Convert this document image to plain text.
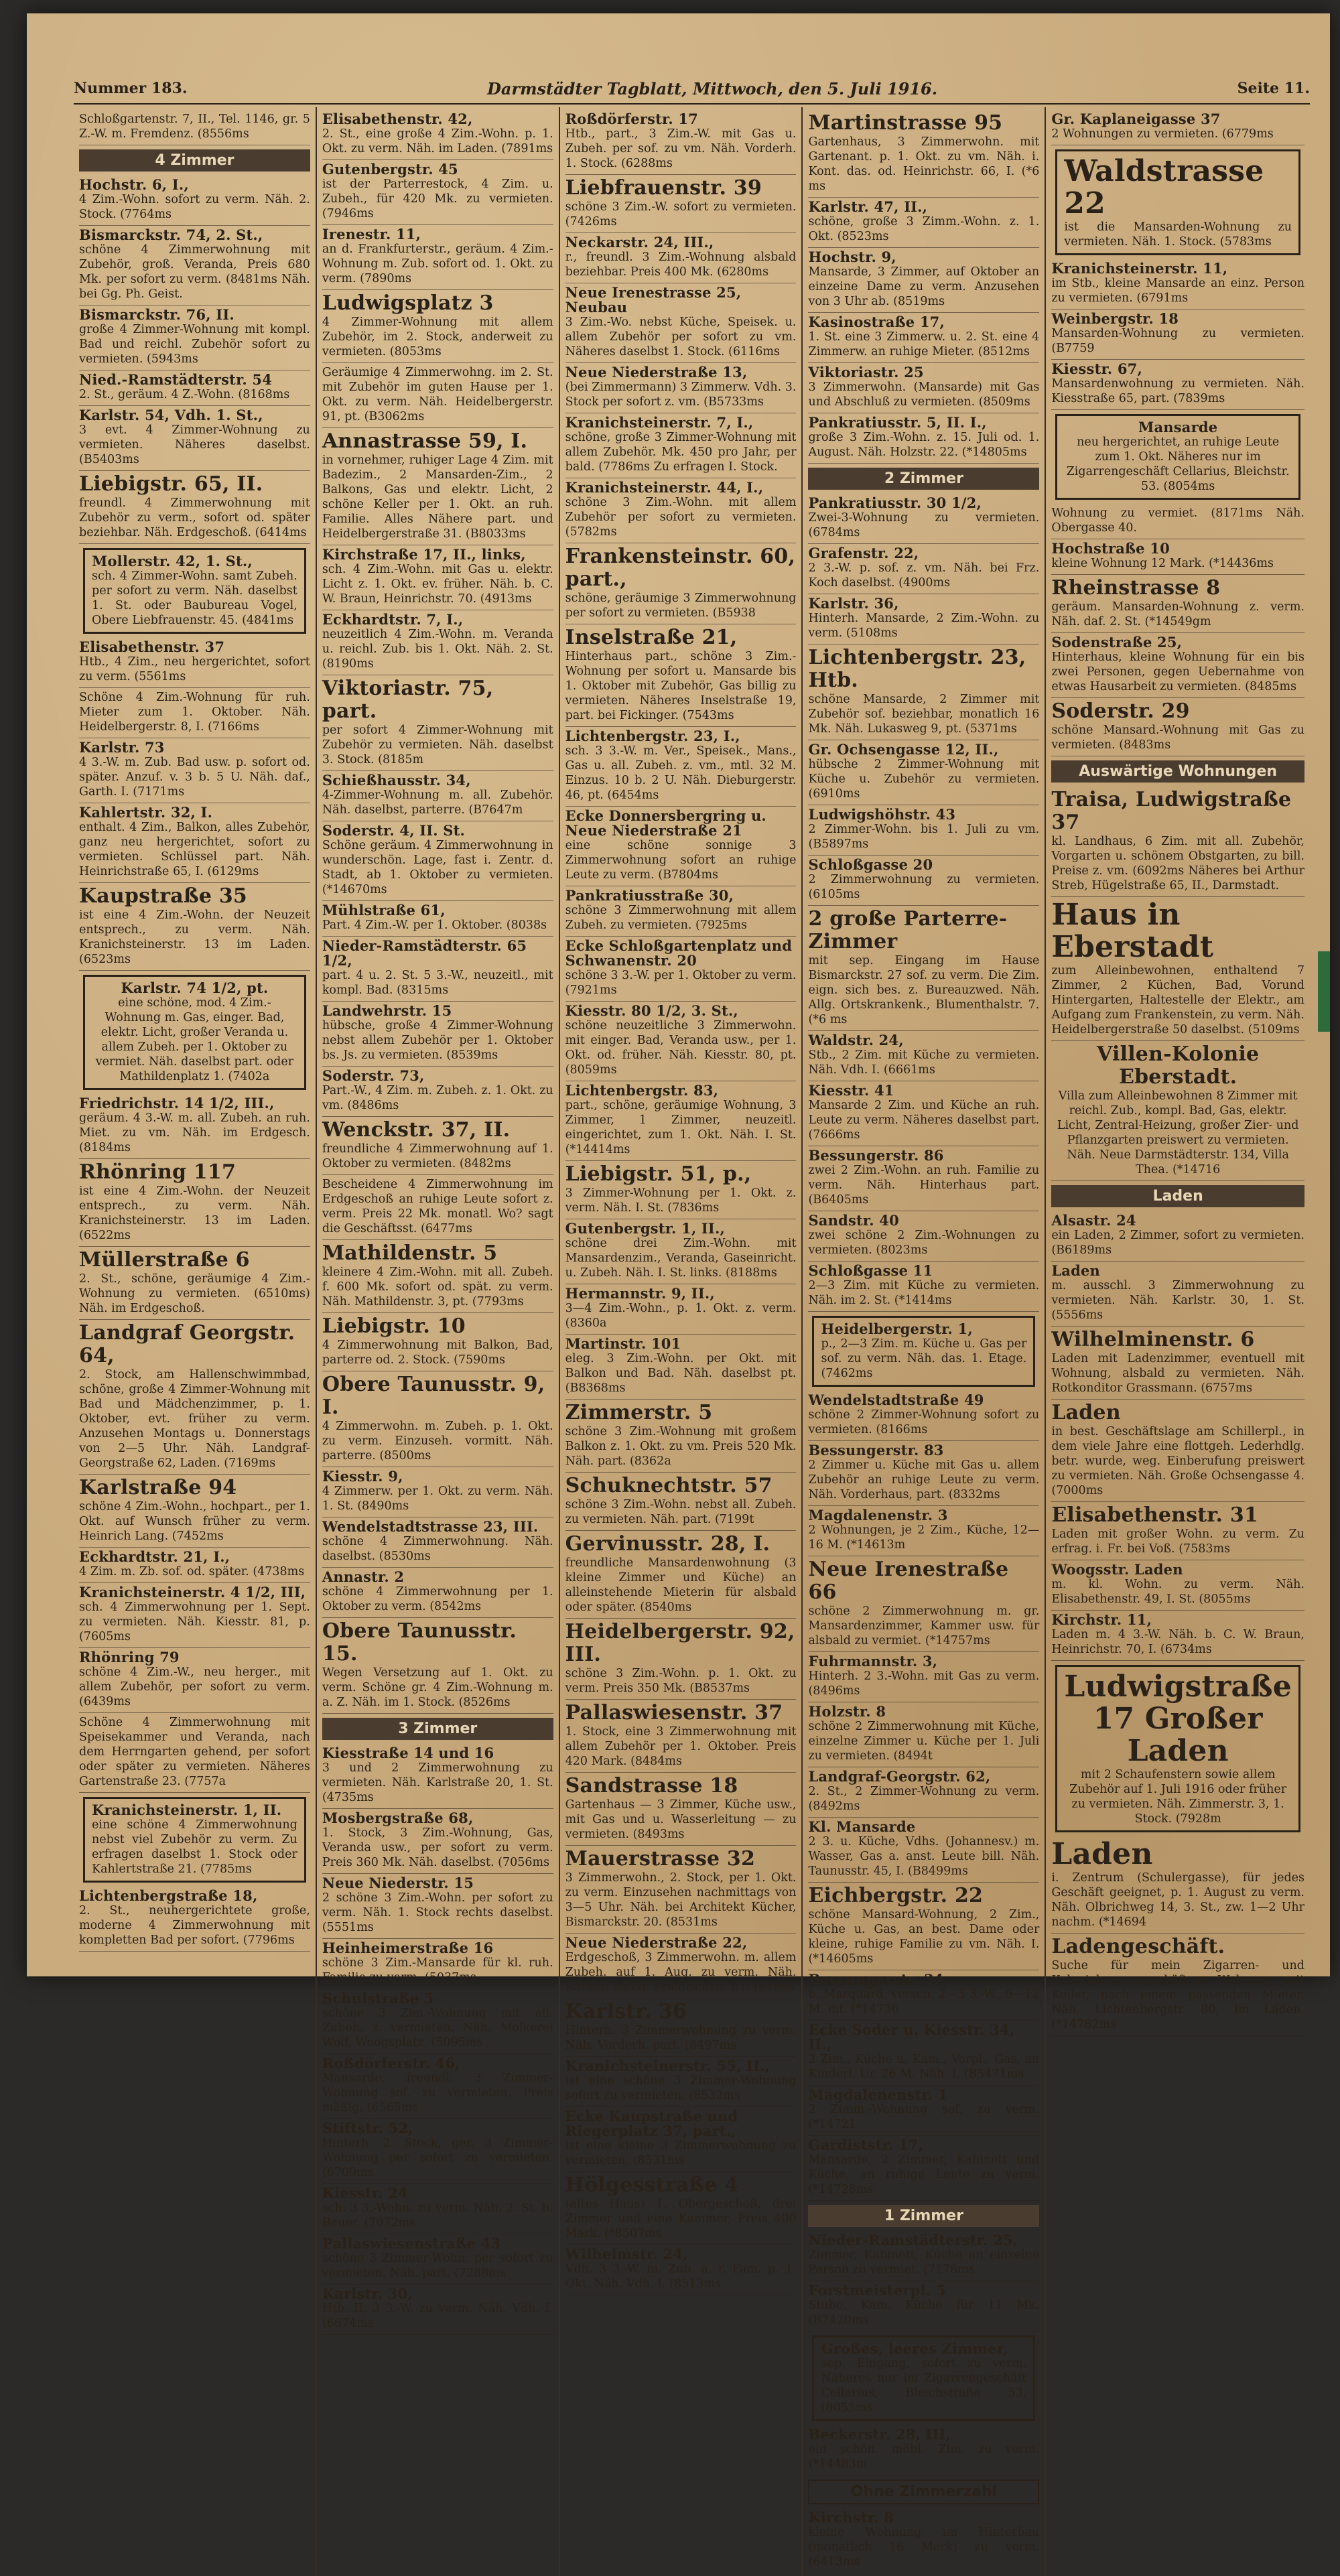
Nummer 183.	Darmstädter Tagblatt, Mittwoch, den 5. Juli 1916.	Seite 11.
Schloßgartenstr. 7, II., Tel. 1146, gr. 5 Z.-W. m. Fremdenz. (8556ms
4 Zimmer
Hochstr. 6, I.,
4 Zim.-Wohn. sofort zu verm. Näh. 2. Stock. (7764ms
Bismarckstr. 74, 2. St.,
schöne 4 Zimmerwohnung mit Zubehör, groß. Veranda, Preis 680 Mk. per sofort zu verm. (8481ms Näh. bei Gg. Ph. Geist.
Bismarckstr. 76, II.
große 4 Zimmer-Wohnung mit kompl. Bad und reichl. Zubehör sofort zu vermieten. (5943ms
Nied.-Ramstädterstr. 54
2. St., geräum. 4 Z.-Wohn. (8168ms
Karlstr. 54, Vdh. 1. St.,
3 evt. 4 Zimmer-Wohnung zu vermieten. Näheres daselbst. (B5403ms
Liebigstr. 65, II.
freundl. 4 Zimmerwohnung mit Zubehör zu verm., sofort od. später beziehbar. Näh. Erdgeschoß. (6414ms
Mollerstr. 42, 1. St.,
sch. 4 Zimmer-Wohn. samt Zubeh. per sofort zu verm. Näh. daselbst 1. St. oder Baubureau Vogel, Obere Liebfrauenstr. 45. (4841ms
Elisabethenstr. 37
Htb., 4 Zim., neu hergerichtet, sofort zu verm. (5561ms
Schöne 4 Zim.-Wohnung für ruh. Mieter zum 1. Oktober. Näh. Heidelbergerstr. 8, I. (7166ms
Karlstr. 73
4 3.-W. m. Zub. Bad usw. p. sofort od. später. Anzuf. v. 3 b. 5 U. Näh. daf., Garth. I. (7171ms
Kahlertstr. 32, I.
enthalt. 4 Zim., Balkon, alles Zubehör, ganz neu hergerichtet, sofort zu vermieten. Schlüssel part. Näh. Heinrichstraße 65, I. (6129ms
Kaupstraße 35
ist eine 4 Zim.-Wohn. der Neuzeit entsprech., zu verm. Näh. Kranichsteinerstr. 13 im Laden. (6523ms
Karlstr. 74 1/2, pt.
eine schöne, mod. 4 Zim.-Wohnung m. Gas, einger. Bad, elektr. Licht, großer Veranda u. allem Zubeh. per 1. Oktober zu vermiet. Näh. daselbst part. oder Mathildenplatz 1. (7402a
Friedrichstr. 14 1/2, III.,
geräum. 4 3.-W. m. all. Zubeh. an ruh. Miet. zu vm. Näh. im Erdgesch. (8184ms
Rhönring 117
ist eine 4 Zim.-Wohn. der Neuzeit entsprech., zu verm. Näh. Kranichsteinerstr. 13 im Laden. (6522ms
Müllerstraße 6
2. St., schöne, geräumige 4 Zim.-Wohnung zu vermieten. (6510ms) Näh. im Erdgeschoß.
Landgraf Georgstr. 64,
2. Stock, am Hallenschwimmbad, schöne, große 4 Zimmer-Wohnung mit Bad und Mädchenzimmer, p. 1. Oktober, evt. früher zu verm. Anzusehen Montags u. Donnerstags von 2—5 Uhr. Näh. Landgraf-Georgstraße 62, Laden. (7169ms
Karlstraße 94
schöne 4 Zim.-Wohn., hochpart., per 1. Okt. auf Wunsch früher zu verm. Heinrich Lang. (7452ms
Eckhardtstr. 21, I.,
4 Zim. m. Zb. sof. od. später. (4738ms
Kranichsteinerstr. 4 1/2, III,
sch. 4 Zimmerwohnung per 1. Sept. zu vermieten. Näh. Kiesstr. 81, p. (7605ms
Rhönring 79
schöne 4 Zim.-W., neu herger., mit allem Zubehör, per sofort zu verm. (6439ms
Schöne 4 Zimmerwohnung mit Speisekammer und Veranda, nach dem Herrngarten gehend, per sofort oder später zu vermieten. Näheres Gartenstraße 23. (7757a
Kranichsteinerstr. 1, II.
eine schöne 4 Zimmerwohnung nebst viel Zubehör zu verm. Zu erfragen daselbst 1. Stock oder Kahlertstraße 21. (7785ms
Lichtenbergstraße 18,
2. St., neuhergerichtete große, moderne 4 Zimmerwohnung mit kompletten Bad per sofort. (7796ms
Elisabethenstr. 42,
2. St., eine große 4 Zim.-Wohn. p. 1. Okt. zu verm. Näh. im Laden. (7891ms
Gutenbergstr. 45
ist der Parterrestock, 4 Zim. u. Zubeh., für 420 Mk. zu vermieten. (7946ms
Irenestr. 11,
an d. Frankfurterstr., geräum. 4 Zim.-Wohnung m. Zub. sofort od. 1. Okt. zu verm. (7890ms
Ludwigsplatz 3
4 Zimmer-Wohnung mit allem Zubehör, im 2. Stock, anderweit zu vermieten. (8053ms
Geräumige 4 Zimmerwohng. im 2. St. mit Zubehör im guten Hause per 1. Okt. zu verm. Näh. Heidelbergerstr. 91, pt. (B3062ms
Annastrasse 59, I.
in vornehmer, ruhiger Lage 4 Zim. mit Badezim., 2 Mansarden-Zim., 2 Balkons, Gas und elektr. Licht, 2 schöne Keller per 1. Okt. an ruh. Familie. Alles Nähere part. und Heidelbergerstraße 31. (B8033ms
Kirchstraße 17, II., links,
sch. 4 Zim.-Wohn. mit Gas u. elektr. Licht z. 1. Okt. ev. früher. Näh. b. C. W. Braun, Heinrichstr. 70. (4913ms
Eckhardtstr. 7, I.,
neuzeitlich 4 Zim.-Wohn. m. Veranda u. reichl. Zub. bis 1. Okt. Näh. 2. St. (8190ms
Viktoriastr. 75, part.
per sofort 4 Zimmer-Wohnung mit Zubehör zu vermieten. Näh. daselbst 3. Stock. (8185m
Schießhausstr. 34,
4-Zimmer-Wohnung m. all. Zubehör. Näh. daselbst, parterre. (B7647m
Soderstr. 4, II. St.
Schöne geräum. 4 Zimmerwohnung in wunderschön. Lage, fast i. Zentr. d. Stadt, ab 1. Oktober zu vermieten. (*14670ms
Mühlstraße 61,
Part. 4 Zim.-W. per 1. Oktober. (8038s
Nieder-Ramstädterstr. 65 1/2,
part. 4 u. 2. St. 5 3.-W., neuzeitl., mit kompl. Bad. (8315ms
Landwehrstr. 15
hübsche, große 4 Zimmer-Wohnung nebst allem Zubehör per 1. Oktober bs. Js. zu vermieten. (8539ms
Soderstr. 73,
Part.-W., 4 Zim. m. Zubeh. z. 1. Okt. zu vm. (8486ms
Wenckstr. 37, II.
freundliche 4 Zimmerwohnung auf 1. Oktober zu vermieten. (8482ms
Bescheidene 4 Zimmerwohnung im Erdgeschoß an ruhige Leute sofort z. verm. Preis 22 Mk. monatl. Wo? sagt die Geschäftsst. (6477ms
Mathildenstr. 5
kleinere 4 Zim.-Wohn. mit all. Zubeh. f. 600 Mk. sofort od. spät. zu verm. Näh. Mathildenstr. 3, pt. (7793ms
Liebigstr. 10
4 Zimmerwohnung mit Balkon, Bad, parterre od. 2. Stock. (7590ms
Obere Taunusstr. 9, I.
4 Zimmerwohn. m. Zubeh. p. 1. Okt. zu verm. Einzuseh. vormitt. Näh. parterre. (8500ms
Kiesstr. 9,
4 Zimmerw. per 1. Okt. zu verm. Näh. 1. St. (8490ms
Wendelstadtstrasse 23, III.
schöne 4 Zimmerwohnung. Näh. daselbst. (8530ms
Annastr. 2
schöne 4 Zimmerwohnung per 1. Oktober zu verm. (8542ms
Obere Taunusstr. 15.
Wegen Versetzung auf 1. Okt. zu verm. Schöne gr. 4 Zim.-Wohnung m. a. Z. Näh. im 1. Stock. (8526ms
3 Zimmer
Kiesstraße 14 und 16
3 und 2 Zimmerwohnung zu vermieten. Näh. Karlstraße 20, 1. St. (4735ms
Mosbergstraße 68,
1. Stock, 3 Zim.-Wohnung, Gas, Veranda usw., per sofort zu verm. Preis 360 Mk. Näh. daselbst. (7056ms
Neue Niederstr. 15
2 schöne 3 Zim.-Wohn. per sofort zu verm. Näh. 1. Stock rechts daselbst. (5551ms
Heinheimerstraße 16
schöne 3 Zim.-Mansarde für kl. ruh. Familie zu verm. (5037ms
Schulstraße 5
schöne 3 Zim.-Wohnung mit all. Zubeh. z. vermieten. Näh. Molkerei Wolf, Woogsplatz. (5095ms
Roßdörferstr. 46,
Mansarde, freundl. 3 Zimmer-Wohnung sof. zu vermieten, Preis mäßig. (6565ms
Stiftstr. 52,
Hinterh. 2. Stock, ger. 3 Zimmer-Wohnung per sofort zu vermieten. (6709ms
Kiesstr. 24
sch. 3 3.-Wohn. zu verm. Näh. 2. St. b. Bauer. (7072ms
Pallaswiesenstraße 43
schöne 3 Zimmer-Wohn. per sofort zu vermieten. Näh. part. (7288ms
Karlstr. 30,
Htb. II, 3 3.-W. zu verm. Näh. Vdh. I. (6674ms
Roßdörferstr. 17
Htb., part., 3 Zim.-W. mit Gas u. Zubeh. per sof. zu vm. Näh. Vorderh. 1. Stock. (6288ms
Liebfrauenstr. 39
schöne 3 Zim.-W. sofort zu vermieten. (7426ms
Neckarstr. 24, III.,
r., freundl. 3 Zim.-Wohnung alsbald beziehbar. Preis 400 Mk. (6280ms
Neue Irenestrasse 25, Neubau
3 Zim.-Wo. nebst Küche, Speisek. u. allem Zubehör per sofort zu vm. Näheres daselbst 1. Stock. (6116ms
Neue Niederstraße 13,
(bei Zimmermann) 3 Zimmerw. Vdh. 3. Stock per sofort z. vm. (B5733ms
Kranichsteinerstr. 7, I.,
schöne, große 3 Zimmer-Wohnung mit allem Zubehör. Mk. 450 pro Jahr, per bald. (7786ms Zu erfragen I. Stock.
Kranichsteinerstr. 44, I.,
schöne 3 Zim.-Wohn. mit allem Zubehör per sofort zu vermieten. (5782ms
Frankensteinstr. 60, part.,
schöne, geräumige 3 Zimmerwohnung per sofort zu vermieten. (B5938
Inselstraße 21,
Hinterhaus part., schöne 3 Zim.-Wohnung per sofort u. Mansarde bis 1. Oktober mit Zubehör, Gas billig zu vermieten. Näheres Inselstraße 19, part. bei Fickinger. (7543ms
Lichtenbergstr. 23, I.,
sch. 3 3.-W. m. Ver., Speisek., Mans., Gas u. all. Zubeh. z. vm., mtl. 32 M. Einzus. 10 b. 2 U. Näh. Dieburgerstr. 46, pt. (6454ms
Ecke Donnersbergring u. Neue Niederstraße 21
eine schöne sonnige 3 Zimmerwohnung sofort an ruhige Leute zu verm. (B7804ms
Pankratiusstraße 30,
schöne 3 Zimmerwohnung mit allem Zubeh. zu vermieten. (7925ms
Ecke Schloßgartenplatz und Schwanenstr. 20
schöne 3 3.-W. per 1. Oktober zu verm. (7921ms
Kiesstr. 80 1/2, 3. St.,
schöne neuzeitliche 3 Zimmerwohn. mit einger. Bad, Veranda usw., per 1. Okt. od. früher. Näh. Kiesstr. 80, pt. (8059ms
Lichtenbergstr. 83,
part., schöne, geräumige Wohnung, 3 Zimmer, 1 Zimmer, neuzeitl. eingerichtet, zum 1. Okt. Näh. I. St. (*14414ms
Liebigstr. 51, p.,
3 Zimmer-Wohnung per 1. Okt. z. verm. Näh. I. St. (7836ms
Gutenbergstr. 1, II.,
schöne drei Zim.-Wohn. mit Mansardenzim., Veranda, Gaseinricht. u. Zubeh. Näh. I. St. links. (8188ms
Hermannstr. 9, II.,
3—4 Zim.-Wohn., p. 1. Okt. z. verm. (8360a
Martinstr. 101
eleg. 3 Zim.-Wohn. per Okt. mit Balkon und Bad. Näh. daselbst pt. (B8368ms
Zimmerstr. 5
schöne 3 Zim.-Wohnung mit großem Balkon z. 1. Okt. zu vm. Preis 520 Mk. Näh. part. (8362a
Schuknechtstr. 57
schöne 3 Zim.-Wohn. nebst all. Zubeh. zu vermieten. Näh. part. (7199t
Gervinusstr. 28, I.
freundliche Mansardenwohnung (3 kleine Zimmer und Küche) an alleinstehende Mieterin für alsbald oder später. (8540ms
Heidelbergerstr. 92, III.
schöne 3 Zim.-Wohn. p. 1. Okt. zu verm. Preis 350 Mk. (B8537ms
Pallaswiesenstr. 37
1. Stock, eine 3 Zimmerwohnung mit allem Zubehör per 1. Oktober. Preis 420 Mark. (8484ms
Sandstrasse 18
Gartenhaus — 3 Zimmer, Küche usw., mit Gas und u. Wasserleitung — zu vermieten. (8493ms
Mauerstrasse 32
3 Zimmerwohn., 2. Stock, per 1. Okt. zu verm. Einzusehen nachmittags von 3—5 Uhr. Näh. bei Architekt Kücher, Bismarckstr. 20. (8531ms
Neue Niederstraße 22,
Erdgeschoß, 3 Zimmerwohn. m. allem Zubeh. auf 1. Aug. zu verm. Näh. Karlstr. 25 od. Friedrichstr. 87. (8489s
Karlstr. 36
Hinterh. 3 Zimmerwohnung zu verm. Näh. Vorderh. part. (8497ms
Kranichsteinerstr. 55, II.,
ist eine schöne 3 Zimmer-Wohnung sofort zu vermieten. (8532ms
Ecke Kaupstraße und Riegerplatz 37, part.,
ist eine kleine 3 Zimmerwohnung zu vermieten. (8531ms
Hölgesstraße 4
(altes Haus) 1. Obergeschoß, drei Zimmer und eine Kammer, Preis 400 Mark. (*8507ms
Wilhelmstr. 24,
Vdh. 3 3.-W. m. Zub. a. r. Fam. p. 1. Okt. Näh. Vdh. I. (8513ms
Martinstrasse 95
Gartenhaus, 3 Zimmerwohn. mit Gartenant. p. 1. Okt. zu vm. Näh. i. Kont. das. od. Heinrichstr. 66, I. (*6 ms
Karlstr. 47, II.,
schöne, große 3 Zimm.-Wohn. z. 1. Okt. (8523ms
Hochstr. 9,
Mansarde, 3 Zimmer, auf Oktober an einzeine Dame zu verm. Anzusehen von 3 Uhr ab. (8519ms
Kasinostraße 17,
1. St. eine 3 Zimmerw. u. 2. St. eine 4 Zimmerw. an ruhige Mieter. (8512ms
Viktoriastr. 25
3 Zimmerwohn. (Mansarde) mit Gas und Abschluß zu vermieten. (8509ms
Pankratiusstr. 5, II. I.,
große 3 Zim.-Wohn. z. 15. Juli od. 1. August. Näh. Holzstr. 22. (*14805ms
2 Zimmer
Pankratiusstr. 30 1/2,
Zwei-3-Wohnung zu vermieten. (6784ms
Grafenstr. 22,
2 3.-W. p. sof. z. vm. Näh. bei Frz. Koch daselbst. (4900ms
Karlstr. 36,
Hinterh. Mansarde, 2 Zim.-Wohn. zu verm. (5108ms
Lichtenbergstr. 23, Htb.
schöne Mansarde, 2 Zimmer mit Zubehör sof. beziehbar, monatlich 16 Mk. Näh. Lukasweg 9, pt. (5371ms
Gr. Ochsengasse 12, II.,
hübsche 2 Zimmer-Wohnung mit Küche u. Zubehör zu vermieten. (6910ms
Ludwigshöhstr. 43
2 Zimmer-Wohn. bis 1. Juli zu vm. (B5897ms
Schloßgasse 20
2 Zimmerwohnung zu vermieten. (6105ms
2 große Parterre-Zimmer
mit sep. Eingang im Hause Bismarckstr. 27 sof. zu verm. Die Zim. eign. sich bes. z. Bureauzwed. Näh. Allg. Ortskrankenk., Blumenthalstr. 7. (*6 ms
Waldstr. 24,
Stb., 2 Zim. mit Küche zu vermieten. Näh. Vdh. I. (6661ms
Kiesstr. 41
Mansarde 2 Zim. und Küche an ruh. Leute zu verm. Näheres daselbst part. (7666ms
Bessungerstr. 86
zwei 2 Zim.-Wohn. an ruh. Familie zu verm. Näh. Hinterhaus part. (B6405ms
Sandstr. 40
zwei schöne 2 Zim.-Wohnungen zu vermieten. (8023ms
Schloßgasse 11
2—3 Zim. mit Küche zu vermieten. Näh. im 2. St. (*1414ms
Heidelbergerstr. 1,
p., 2—3 Zim. m. Küche u. Gas per sof. zu verm. Näh. das. 1. Etage. (7462ms
Wendelstadtstraße 49
schöne 2 Zimmer-Wohnung sofort zu vermieten. (8166ms
Bessungerstr. 83
2 Zimmer u. Küche mit Gas u. allem Zubehör an ruhige Leute zu verm. Näh. Vorderhaus, part. (8332ms
Magdalenenstr. 3
2 Wohnungen, je 2 Zim., Küche, 12—16 M. (*14613m
Neue Irenestraße 66
schöne 2 Zimmerwohnung m. gr. Mansardenzimmer, Kammer usw. für alsbald zu vermiet. (*14757ms
Fuhrmannstr. 3,
Hinterh. 2 3.-Wohn. mit Gas zu verm. (8496ms
Holzstr. 8
schöne 2 Zimmerwohnung mit Küche, einzelne Zimmer u. Küche per 1. Juli zu vermieten. (8494t
Landgraf-Georgstr. 62,
2. St., 2 Zimmer-Wohnung zu verm. (8492ms
Kl. Mansarde
2 3. u. Küche, Vdhs. (Johannesv.) m. Wasser, Gas a. anst. Leute bill. Näh. Taunusstr. 45, I. (B8499ms
Eichbergstr. 22
schöne Mansard-Wohnung, 2 Zim., Küche u. Gas, an best. Dame oder kleine, ruhige Familie zu vm. Näh. I. (*14605ms
Bessungerstr. 34,
b. Marquard, versch. 2—3 3.-W., 9—12 M. mt. (*14736
Ecke Soder u. Kiesstr. 34, II.,
2 Zim., Küche u. Kam., Vorpl., Gas, an Kinderl. Ur. 26 M. Näh. I. (B5471ms
Magdalenenstr. 1
2 Zimm.-Wohnung sof. zu verm. (*14721
Gardiststr. 17,
Mansarde, 2 Zimmer, Kabinett und Küche, an ruhige Leute zu verm. (*14728ms
1 Zimmer
Nieder-Ramstädterstr. 25,
Zimmer, Kabinett, Küche an einzelne Person zu vermiet. (7178ms
Forstmeisterpl. 5
Stube, Kam. Küche für 11 Mk. (B7420ms
Großes, leeres Zimmer,
sep. Eingang, sofort zu verm. Näheres nur im Zigarrengeschäft Cellarius, Bleichstraße 53. (8055ms
Beckerstr. 28, III,
ein schön. möbl. Zim. zu verm. (*14483m
Ohne Zimmerzahl
Kirchstr. 8
kleine Wohnung im Hinterbau (monatlich 16 Mark) zu verm. (6413ms
Gr. Kaplaneigasse 37
2 Wohnungen zu vermieten. (6779ms
Waldstrasse 22
ist die Mansarden-Wohnung zu vermieten. Näh. 1. Stock. (5783ms
Kranichsteinerstr. 11,
im Stb., kleine Mansarde an einz. Person zu vermieten. (6791ms
Weinbergstr. 18
Mansarden-Wohnung zu vermieten. (B7759
Kiesstr. 67,
Mansardenwohnung zu vermieten. Näh. Kiesstraße 65, part. (7839ms
Mansarde
neu hergerichtet, an ruhige Leute zum 1. Okt. Näheres nur im Zigarrengeschäft Cellarius, Bleichstr. 53. (8054ms
Wohnung zu vermiet. (8171ms Näh. Obergasse 40.
Hochstraße 10
kleine Wohnung 12 Mark. (*14436ms
Rheinstrasse 8
geräum. Mansarden-Wohnung z. verm. Näh. daf. 2. St. (*14549gm
Sodenstraße 25,
Hinterhaus, kleine Wohnung für ein bis zwei Personen, gegen Uebernahme von etwas Hausarbeit zu vermieten. (8485ms
Soderstr. 29
schöne Mansard.-Wohnung mit Gas zu vermieten. (8483ms
Auswärtige Wohnungen
Traisa, Ludwigstraße 37
kl. Landhaus, 6 Zim. mit all. Zubehör, Vorgarten u. schönem Obstgarten, zu bill. Preise z. vm. (6092ms Näheres bei Arthur Streb, Hügelstraße 65, II., Darmstadt.
Haus in Eberstadt
zum Alleinbewohnen, enthaltend 7 Zimmer, 2 Küchen, Bad, Vorund Hintergarten, Haltestelle der Elektr., am Aufgang zum Frankenstein, zu verm. Näh. Heidelbergerstraße 50 daselbst. (5109ms
Villen-Kolonie Eberstadt.
Villa zum Alleinbewohnen 8 Zimmer mit reichl. Zub., kompl. Bad, Gas, elektr. Licht, Zentral-Heizung, großer Zier- und Pflanzgarten preiswert zu vermieten. Näh. Neue Darmstädterstr. 134, Villa Thea. (*14716
Laden
Alsastr. 24
ein Laden, 2 Zimmer, sofort zu vermieten. (B6189ms
Laden
m. ausschl. 3 Zimmerwohnung zu vermieten. Näh. Karlstr. 30, 1. St. (5556ms
Wilhelminenstr. 6
Laden mit Ladenzimmer, eventuell mit Wohnung, alsbald zu vermieten. Näh. Rotkonditor Grassmann. (6757ms
Laden
in best. Geschäftslage am Schillerpl., in dem viele Jahre eine flottgeh. Lederhdlg. betr. wurde, weg. Einberufung preiswert zu vermieten. Näh. Große Ochsengasse 4. (7000ms
Elisabethenstr. 31
Laden mit großer Wohn. zu verm. Zu erfrag. i. Fr. bei Voß. (7583ms
Woogsstr. Laden
m. kl. Wohn. zu verm. Näh. Elisabethenstr. 49, I. St. (8055ms
Kirchstr. 11,
Laden m. 4 3.-W. Näh. b. C. W. Braun, Heinrichstr. 70, I. (6734ms
Ludwigstraße 17 Großer Laden
mit 2 Schaufenstern sowie allem Zubehör auf 1. Juli 1916 oder früher zu vermieten. Näh. Zimmerstr. 3, 1. Stock. (7928m
Laden
i. Zentrum (Schulergasse), für jedes Geschäft geeignet, p. 1. August zu verm. Näh. Olbrichweg 14, 3. St., zw. 1—2 Uhr nachm. (*14694
Ladengeschäft.
Suche für mein Zigarren- und Kolonialwarengeschäft m. Wohnung, mit Keller, nach einem passenden Mieter. Näh. Lichtenbergstr. 80, im Laden. (*14782ms
